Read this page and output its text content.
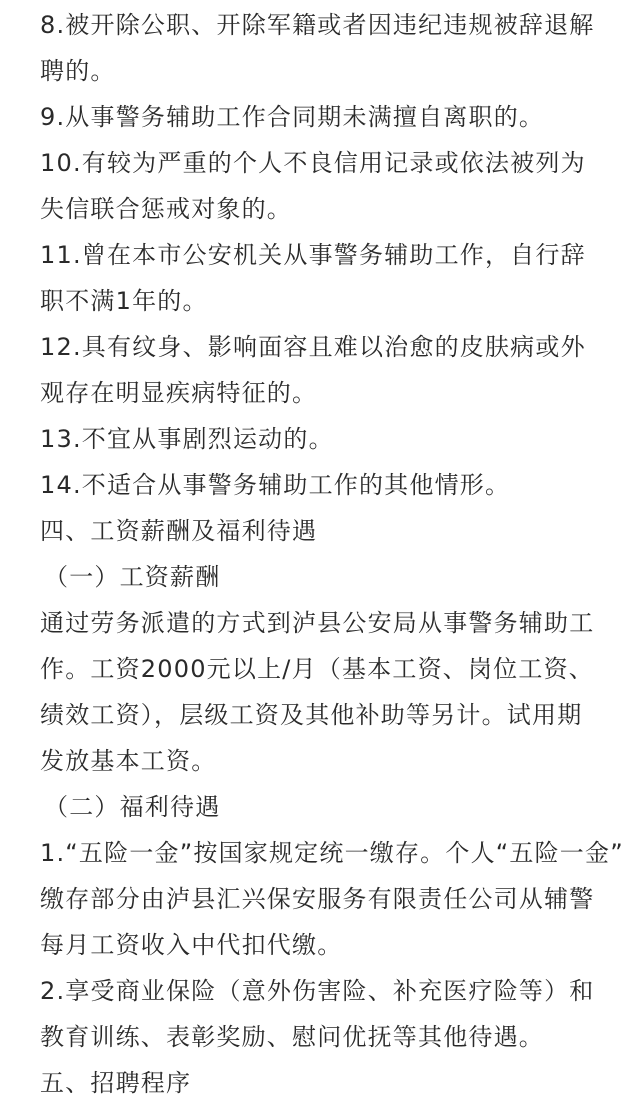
8.被开除公职、开除军籍或者因违纪违规被辞退解
聘的。
9.从事警务辅助工作合同期未满擅自离职的。
10.有较为严重的个人不良信用记录或依法被列为
失信联合惩戒对象的。
11.曾在本市公安机关从事警务辅助工作，自行辞
职不满1年的。
12.具有纹身、影响面容且难以治愈的皮肤病或外
观存在明显疾病特征的。
13.不宜从事剧烈运动的。
14.不适合从事警务辅助工作的其他情形。
四、工资薪酬及福利待遇
（一）工资薪酬
通过劳务派遣的方式到泸县公安局从事警务辅助工
作。工资2000元以上/月（基本工资、岗位工资、
绩效工资），层级工资及其他补助等另计。试用期
发放基本工资。
（二）福利待遇
1.“五险一金”按国家规定统一缴存。个人“五险一金”
缴存部分由泸县汇兴保安服务有限责任公司从辅警
每月工资收入中代扣代缴。
2.享受商业保险（意外伤害险、补充医疗险等）和
教育训练、表彰奖励、慰问优抚等其他待遇。
五、招聘程序
